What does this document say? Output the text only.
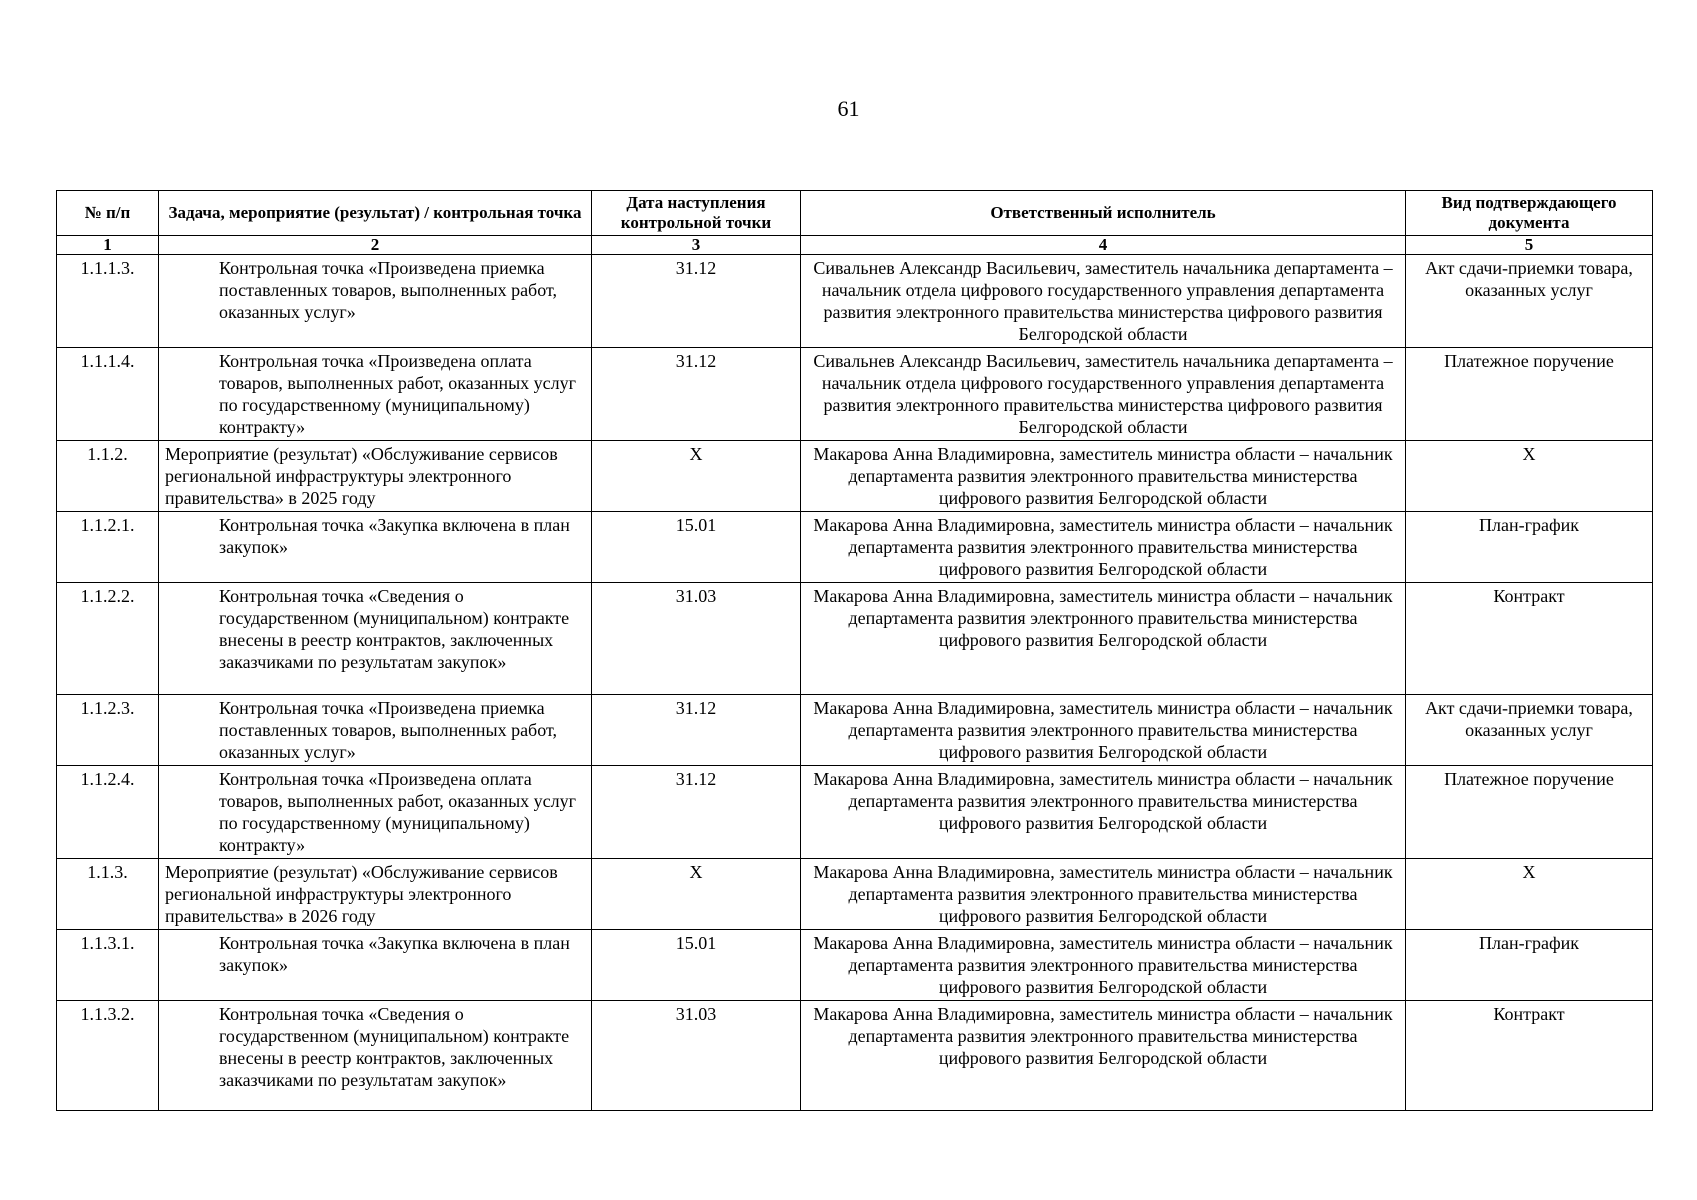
61
№ п/п	Задача, мероприятие (результат) / контрольная точка	Дата наступления контрольной точки	Ответственный исполнитель	Вид подтверждающего документа
1	2	3	4	5
1.1.1.3.	Контрольная точка «Произведена приемка поставленных товаров, выполненных работ, оказанных услуг»	31.12	Сивальнев Александр Васильевич, заместитель начальника департамента – начальник отдела цифрового государственного управления департамента развития электронного правительства министерства цифрового развития Белгородской области	Акт сдачи-приемки товара, оказанных услуг
1.1.1.4.	Контрольная точка «Произведена оплата товаров, выполненных работ, оказанных услуг по государственному (муниципальному) контракту»	31.12	Сивальнев Александр Васильевич, заместитель начальника департамента – начальник отдела цифрового государственного управления департамента развития электронного правительства министерства цифрового развития Белгородской области	Платежное поручение
1.1.2.	Мероприятие (результат) «Обслуживание сервисов региональной инфраструктуры электронного правительства» в 2025 году	Х	Макарова Анна Владимировна, заместитель министра области – начальник департамента развития электронного правительства министерства цифрового развития Белгородской области	Х
1.1.2.1.	Контрольная точка «Закупка включена в план закупок»	15.01	Макарова Анна Владимировна, заместитель министра области – начальник департамента развития электронного правительства министерства цифрового развития Белгородской области	План-график
1.1.2.2.	Контрольная точка «Сведения о государственном (муниципальном) контракте внесены в реестр контрактов, заключенных заказчиками по результатам закупок»	31.03	Макарова Анна Владимировна, заместитель министра области – начальник департамента развития электронного правительства министерства цифрового развития Белгородской области	Контракт
1.1.2.3.	Контрольная точка «Произведена приемка поставленных товаров, выполненных работ, оказанных услуг»	31.12	Макарова Анна Владимировна, заместитель министра области – начальник департамента развития электронного правительства министерства цифрового развития Белгородской области	Акт сдачи-приемки товара, оказанных услуг
1.1.2.4.	Контрольная точка «Произведена оплата товаров, выполненных работ, оказанных услуг по государственному (муниципальному) контракту»	31.12	Макарова Анна Владимировна, заместитель министра области – начальник департамента развития электронного правительства министерства цифрового развития Белгородской области	Платежное поручение
1.1.3.	Мероприятие (результат) «Обслуживание сервисов региональной инфраструктуры электронного правительства» в 2026 году	Х	Макарова Анна Владимировна, заместитель министра области – начальник департамента развития электронного правительства министерства цифрового развития Белгородской области	Х
1.1.3.1.	Контрольная точка «Закупка включена в план закупок»	15.01	Макарова Анна Владимировна, заместитель министра области – начальник департамента развития электронного правительства министерства цифрового развития Белгородской области	План-график
1.1.3.2.	Контрольная точка «Сведения о государственном (муниципальном) контракте внесены в реестр контрактов, заключенных заказчиками по результатам закупок»	31.03	Макарова Анна Владимировна, заместитель министра области – начальник департамента развития электронного правительства министерства цифрового развития Белгородской области	Контракт
